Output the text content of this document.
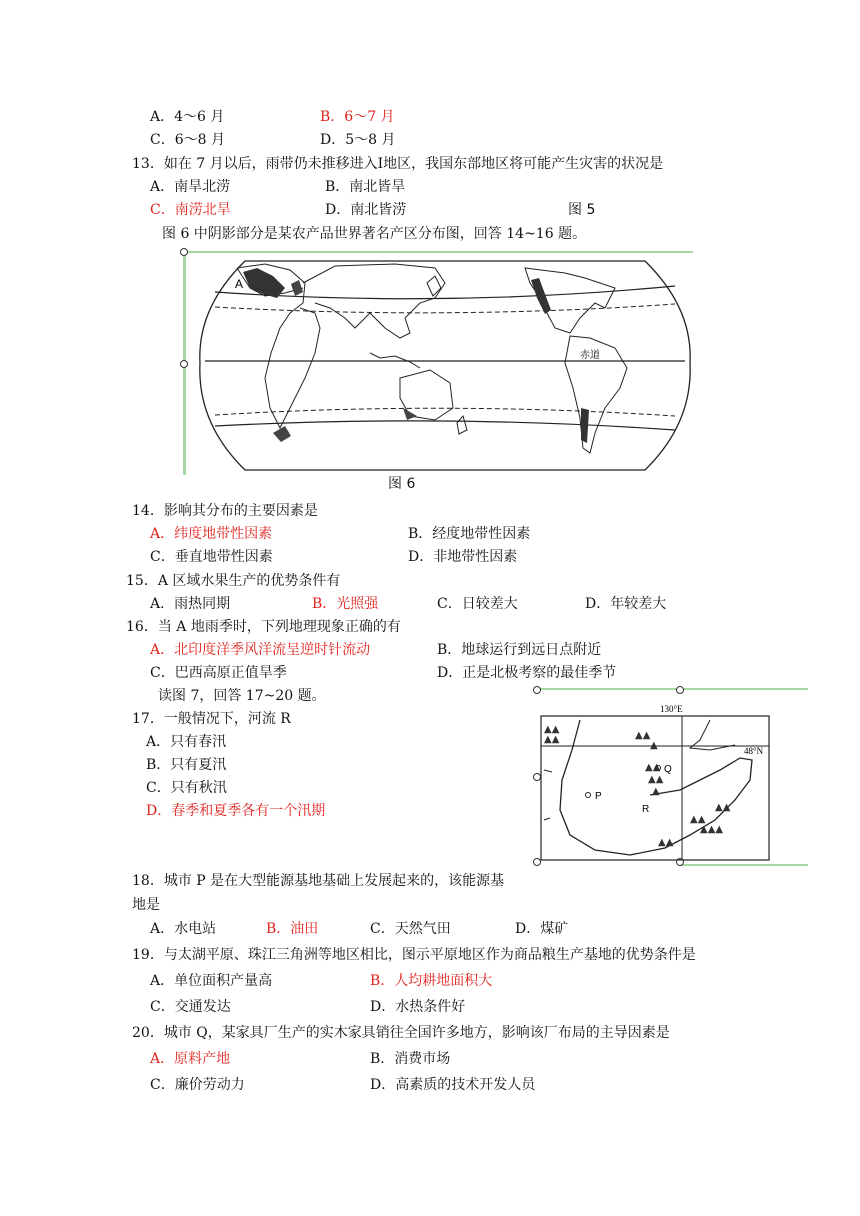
A．4～6 月	B．6～7 月
C．6～8 月	D．5～8 月
13．如在 7 月以后，雨带仍未推移进入Ⅰ地区，我国东部地区将可能产生灾害的状况是
A．南旱北涝	B．南北皆旱
C．南涝北旱	D．南北皆涝	图 5
图 6 中阴影部分是某农产品世界著名产区分布图，回答 14~16 题。
A
赤道
图 6
14．影响其分布的主要因素是
A．纬度地带性因素	B．经度地带性因素
C．垂直地带性因素	D．非地带性因素
15．A 区域水果生产的优势条件有
A．雨热同期	B．光照强	C．日较差大	D．年较差大
16．当 A 地雨季时，下列地理现象正确的有
A．北印度洋季风洋流呈逆时针流动	B．地球运行到远日点附近
C．巴西高原正值旱季	D．正是北极考察的最佳季节
读图 7，回答 17~20 题。
17．一般情况下，河流 R
A．只有春汛
B．只有夏汛
C．只有秋汛
D．春季和夏季各有一个汛期
▲▲
▲▲	▲▲
▲
▲▲
▲▲
▲
▲▲
▲▲▲
▲▲
▲▲
130°E
48°N
P
Q
R
18．城市 P 是在大型能源基地基础上发展起来的，该能源基
地是
A．水电站	B．油田	C．天然气田	D．煤矿
19．与太湖平原、珠江三角洲等地区相比，图示平原地区作为商品粮生产基地的优势条件是
A．单位面积产量高	B．人均耕地面积大
C．交通发达	D．水热条件好
20．城市 Q，某家具厂生产的实木家具销往全国许多地方，影响该厂布局的主导因素是
A．原料产地	B．消费市场
C．廉价劳动力	D．高素质的技术开发人员
